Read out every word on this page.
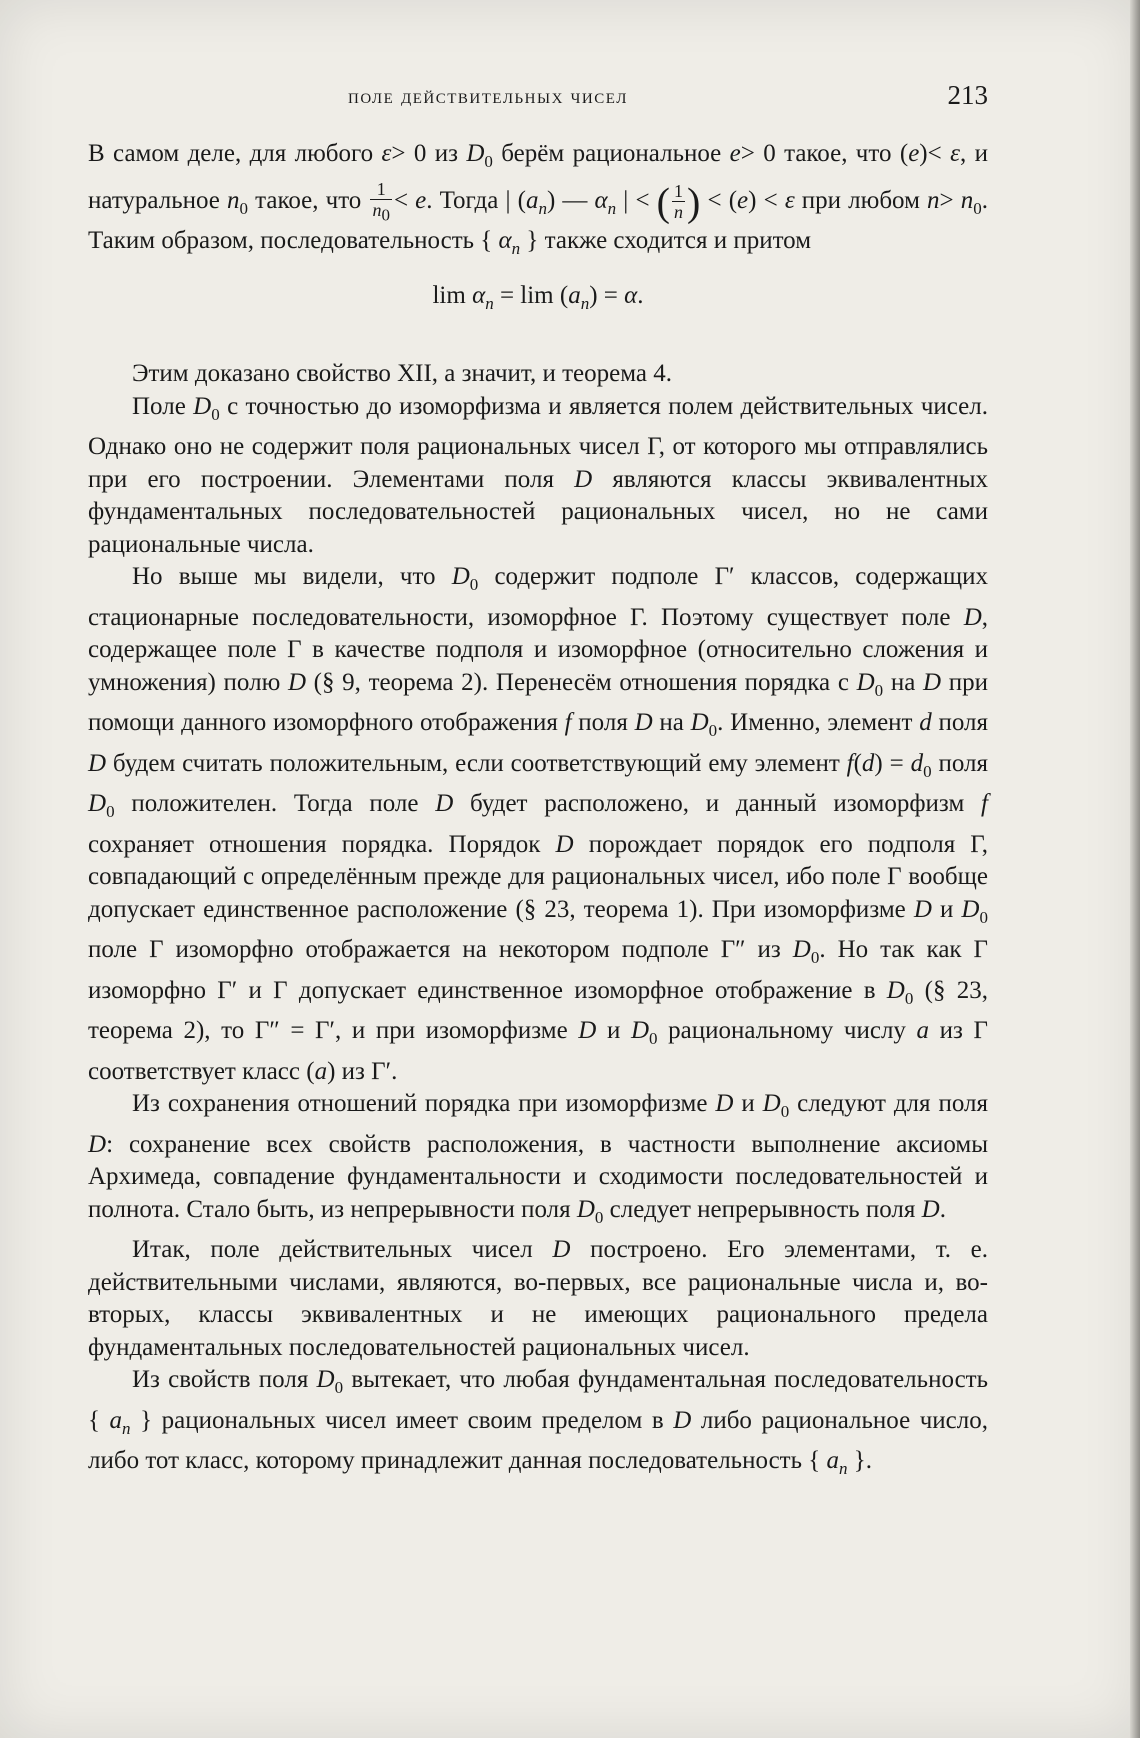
поле действительных чисел	213

В самом деле, для любого ε> 0 из $D_0$ берём рациональное e> 0 такое, что (e)< ε, и натуральное $n_0$ такое, что $\frac{1}{n_0} < e$. Тогда | $(a_n)$ — $\alpha_n$ | < ( $\frac{1}{n}$ ) < (e) < ε при любом $n> n_0$. Таким образом, последовательность { $\alpha_n$ } также сходится и притом

$\lim \alpha_n = \lim (a_n) = \alpha$.

Этим доказано свойство XII, а значит, и теорема 4.

Поле $D_0$ с точностью до изоморфизма и является полем действительных чисел. Однако оно не содержит поля рациональных чисел Γ, от которого мы отправлялись при его построении. Элементами поля D являются классы эквивалентных фундаментальных последовательностей рациональных чисел, но не сами рациональные числа.

Но выше мы видели, что $D_0$ содержит подполе Γ′ классов, содержащих стационарные последовательности, изоморфное Γ. Поэтому существует поле D, содержащее поле Γ в качестве подполя и изоморфное (относительно сложения и умножения) полю D (§ 9, теорема 2). Перенесём отношения порядка с $D_0$ на D при помощи данного изоморфного отображения f поля D на $D_0$. Именно, элемент d поля D будем считать положительным, если соответствующий ему элемент $f(d) = d_0$ поля $D_0$ положителен. Тогда поле D будет расположено, и данный изоморфизм f сохраняет отношения порядка. Порядок D порождает порядок его подполя Γ, совпадающий с определённым прежде для рациональных чисел, ибо поле Γ вообще допускает единственное расположение (§ 23, теорема 1). При изоморфизме D и $D_0$ поле Γ изоморфно отображается на некотором подполе Γ″ из $D_0$. Но так как Γ изоморфно Γ′ и Γ допускает единственное изоморфное отображение в $D_0$ (§ 23, теорема 2), то Γ″ = Γ′, и при изоморфизме D и $D_0$ рациональному числу a из Γ соответствует класс (a) из Γ′.

Из сохранения отношений порядка при изоморфизме D и $D_0$ следуют для поля D: сохранение всех свойств расположения, в частности выполнение аксиомы Архимеда, совпадение фундаментальности и сходимости последовательностей и полнота. Стало быть, из непрерывности поля $D_0$ следует непрерывность поля D.

Итак, поле действительных чисел D построено. Его элементами, т. е. действительными числами, являются, во-первых, все рациональные числа и, во-вторых, классы эквивалентных и не имеющих рационального предела фундаментальных последовательностей рациональных чисел.

Из свойств поля $D_0$ вытекает, что любая фундаментальная последовательность { $a_n$ } рациональных чисел имеет своим пределом в D либо рациональное число, либо тот класс, которому принадлежит данная последовательность { $a_n$ }.
